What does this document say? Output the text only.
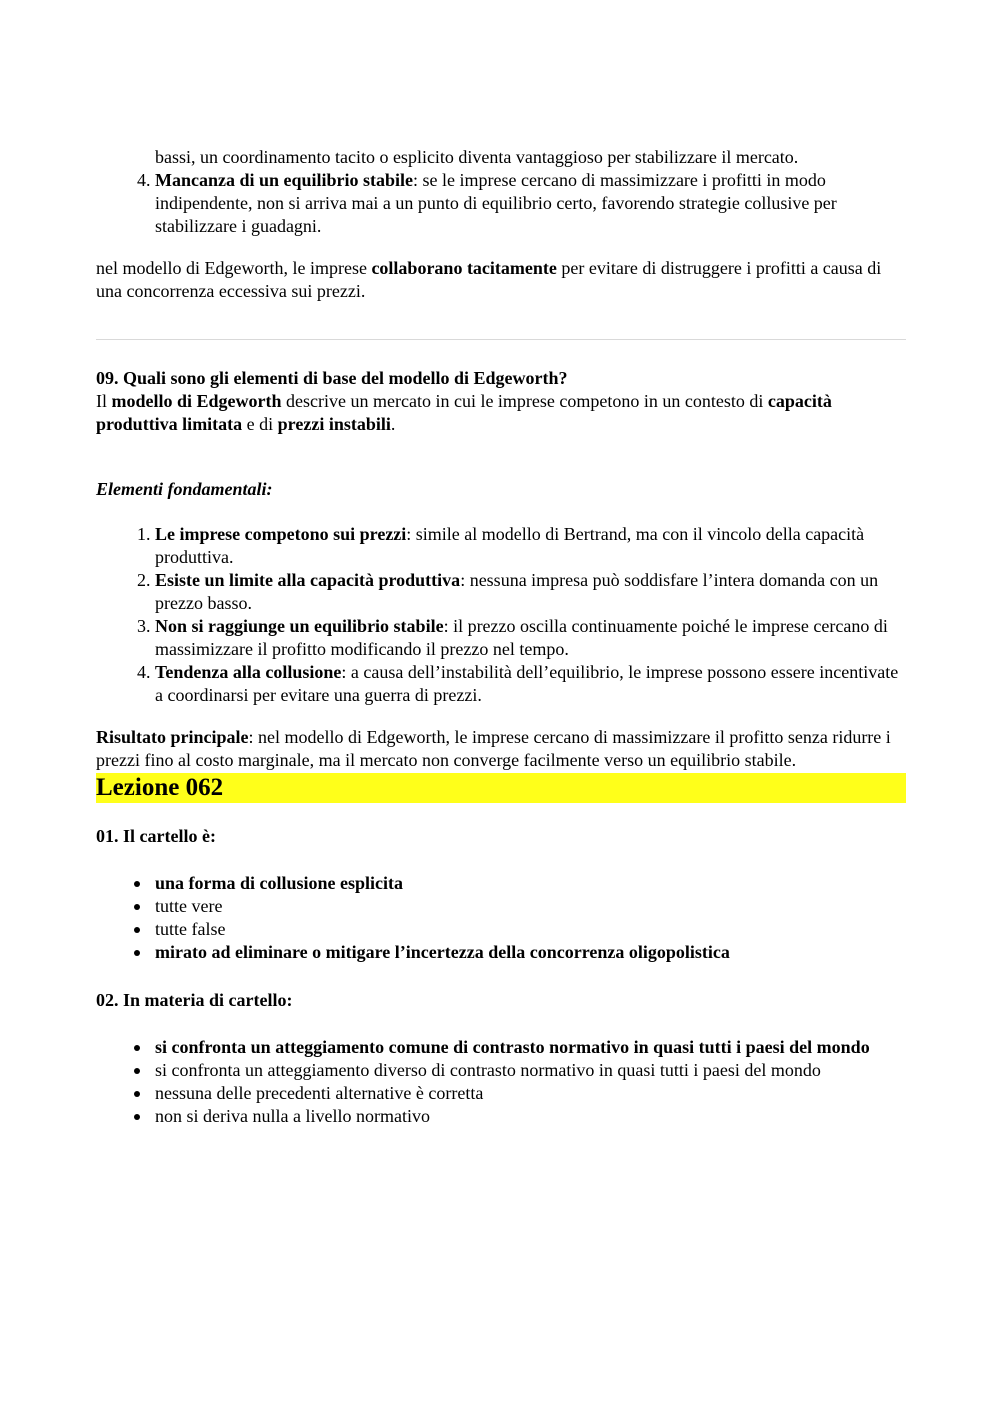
bassi, un coordinamento tacito o esplicito diventa vantaggioso per stabilizzare il mercato.

4. Mancanza di un equilibrio stabile: se le imprese cercano di massimizzare i profitti in modo indipendente, non si arriva mai a un punto di equilibrio certo, favorendo strategie collusive per stabilizzare i guadagni.

nel modello di Edgeworth, le imprese collaborano tacitamente per evitare di distruggere i profitti a causa di una concorrenza eccessiva sui prezzi.

09. Quali sono gli elementi di base del modello di Edgeworth?

Il modello di Edgeworth descrive un mercato in cui le imprese competono in un contesto di capacità produttiva limitata e di prezzi instabili.

Elementi fondamentali:

1. Le imprese competono sui prezzi: simile al modello di Bertrand, ma con il vincolo della capacità produttiva.
2. Esiste un limite alla capacità produttiva: nessuna impresa può soddisfare l’intera domanda con un prezzo basso.
3. Non si raggiunge un equilibrio stabile: il prezzo oscilla continuamente poiché le imprese cercano di massimizzare il profitto modificando il prezzo nel tempo.
4. Tendenza alla collusione: a causa dell’instabilità dell’equilibrio, le imprese possono essere incentivate a coordinarsi per evitare una guerra di prezzi.

Risultato principale: nel modello di Edgeworth, le imprese cercano di massimizzare il profitto senza ridurre i prezzi fino al costo marginale, ma il mercato non converge facilmente verso un equilibrio stabile.

Lezione 062

01. Il cartello è:

una forma di collusione esplicita
tutte vere
tutte false
mirato ad eliminare o mitigare l’incertezza della concorrenza oligopolistica

02. In materia di cartello:

si confronta un atteggiamento comune di contrasto normativo in quasi tutti i paesi del mondo
si confronta un atteggiamento diverso di contrasto normativo in quasi tutti i paesi del mondo
nessuna delle precedenti alternative è corretta
non si deriva nulla a livello normativo
